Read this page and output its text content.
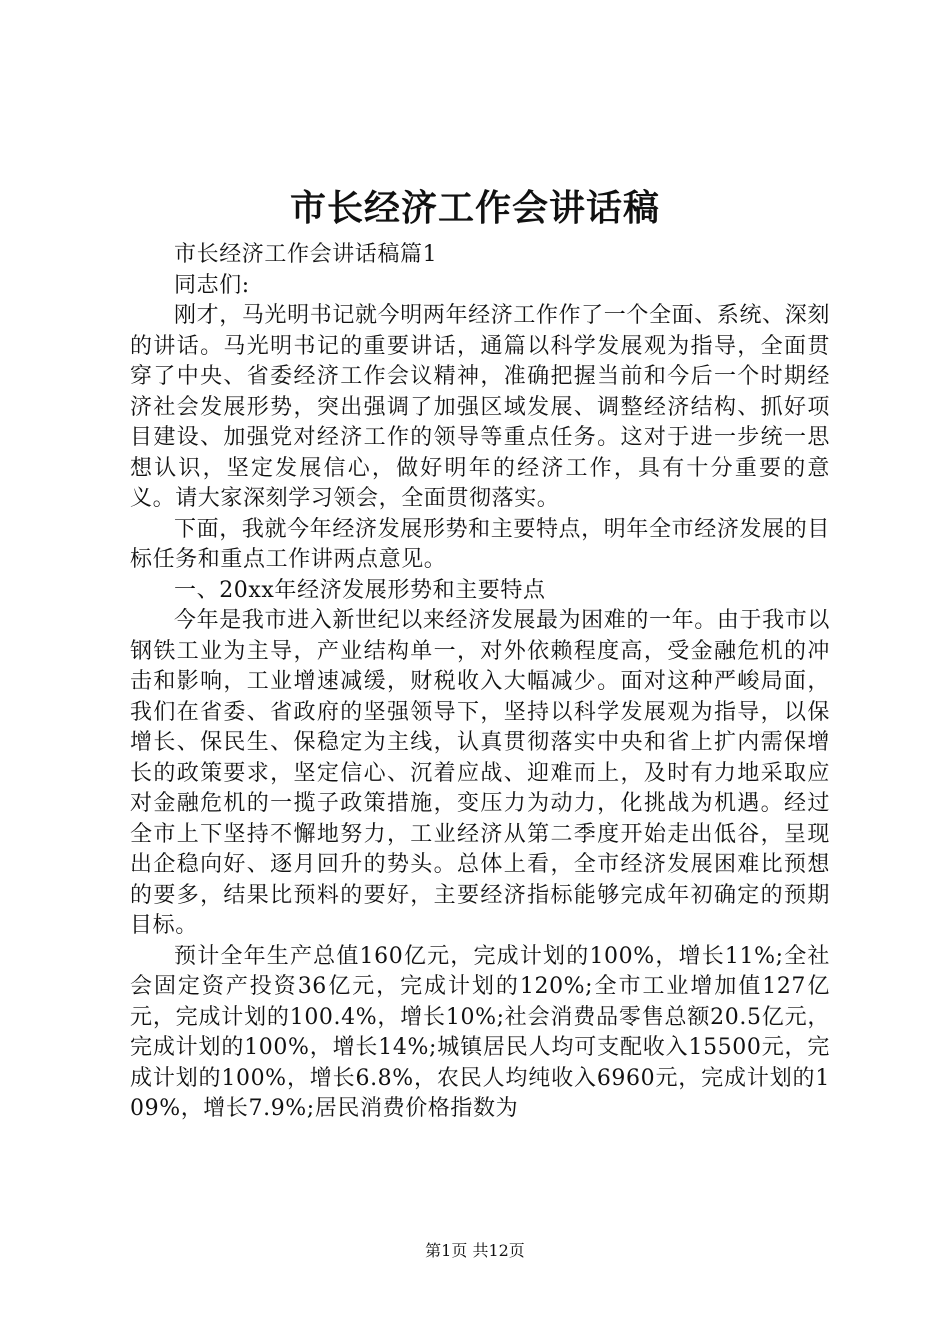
市长经济工作会讲话稿

市长经济工作会讲话稿篇1

同志们:

刚才，马光明书记就今明两年经济工作作了一个全面、系统、深刻的讲话。马光明书记的重要讲话，通篇以科学发展观为指导，全面贯穿了中央、省委经济工作会议精神，准确把握当前和今后一个时期经济社会发展形势，突出强调了加强区域发展、调整经济结构、抓好项目建设、加强党对经济工作的领导等重点任务。这对于进一步统一思想认识，坚定发展信心，做好明年的经济工作，具有十分重要的意义。请大家深刻学习领会，全面贯彻落实。

下面，我就今年经济发展形势和主要特点，明年全市经济发展的目标任务和重点工作讲两点意见。

一、20xx年经济发展形势和主要特点

今年是我市进入新世纪以来经济发展最为困难的一年。由于我市以钢铁工业为主导，产业结构单一，对外依赖程度高，受金融危机的冲击和影响，工业增速减缓，财税收入大幅减少。面对这种严峻局面，我们在省委、省政府的坚强领导下，坚持以科学发展观为指导，以保增长、保民生、保稳定为主线，认真贯彻落实中央和省上扩内需保增长的政策要求，坚定信心、沉着应战、迎难而上，及时有力地采取应对金融危机的一揽子政策措施，变压力为动力，化挑战为机遇。经过全市上下坚持不懈地努力，工业经济从第二季度开始走出低谷，呈现出企稳向好、逐月回升的势头。总体上看，全市经济发展困难比预想的要多，结果比预料的要好，主要经济指标能够完成年初确定的预期目标。

预计全年生产总值160亿元，完成计划的100%，增长11%;全社会固定资产投资36亿元，完成计划的120%;全市工业增加值127亿元，完成计划的100.4%，增长10%;社会消费品零售总额20.5亿元，完成计划的100%，增长14%;城镇居民人均可支配收入15500元，完成计划的100%，增长6.8%，农民人均纯收入6960元，完成计划的109%，增长7.9%;居民消费价格指数为

第1页 共12页
